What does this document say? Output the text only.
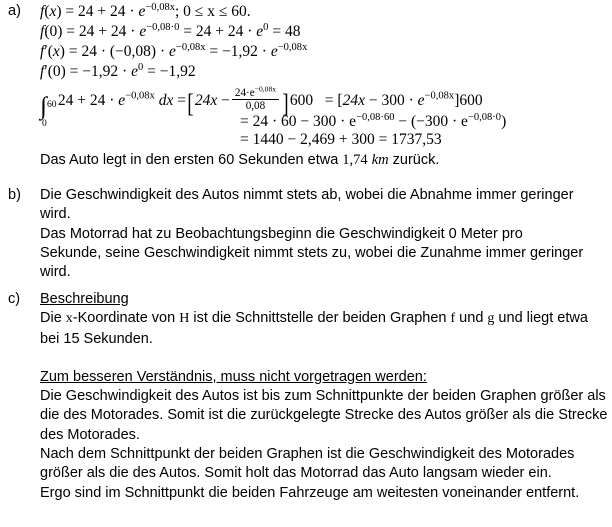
a) $f(x) = 24 + 24 \cdot e^{-0,08x}$; 0 ≤ x ≤ 60.
$f(0) = 24 + 24 \cdot e^{-0,08\cdot 0} = 24 + 24 \cdot e^0 = 48$
$f'(x) = 24 \cdot (-0,08) \cdot e^{-0,08x} = -1,92 \cdot e^{-0,08x}$
$f'(0) = -1,92 \cdot e^0 = -1,92$
∫ 60
0
$24 + 24 \cdot e^{-0,08x}$ dx $=[24x - \frac{24\cdot e^{-0,08x}}{0,08} ]600 = [24x - 300 \cdot e^{-0,08x}]600$
= $24 \cdot 60 - 300 \cdot e^{-0,08\cdot 60} - (-300 \cdot e^{-0,08\cdot 0})$
= 1440 − 2,469 + 300 = 1737,53
Das Auto legt in den ersten 60 Sekunden etwa 1,74 km zurück.
b) Die Geschwindigkeit des Autos nimmt stets ab, wobei die Abnahme immer geringer wird.

Das Motorrad hat zu Beobachtungsbeginn die Geschwindigkeit 0 Meter pro Sekunde, seine Geschwindigkeit nimmt stets zu, wobei die Zunahme immer geringer wird.

c) Beschreibung

Die x-Koordinate von H ist die Schnittstelle der beiden Graphen f und g und liegt etwa bei 15 Sekunden.

Zum besseren Verständnis, muss nicht vorgetragen werden:

Die Geschwindigkeit des Autos ist bis zum Schnittpunkte der beiden Graphen größer als die des Motorades. Somit ist die zurückgelegte Strecke des Autos größer als die Strecke des Motorades.

Nach dem Schnittpunkt der beiden Graphen ist die Geschwindigkeit des Motorades größer als die des Autos. Somit holt das Motorrad das Auto langsam wieder ein.

Ergo sind im Schnittpunkt die beiden Fahrzeuge am weitesten voneinander entfernt.
